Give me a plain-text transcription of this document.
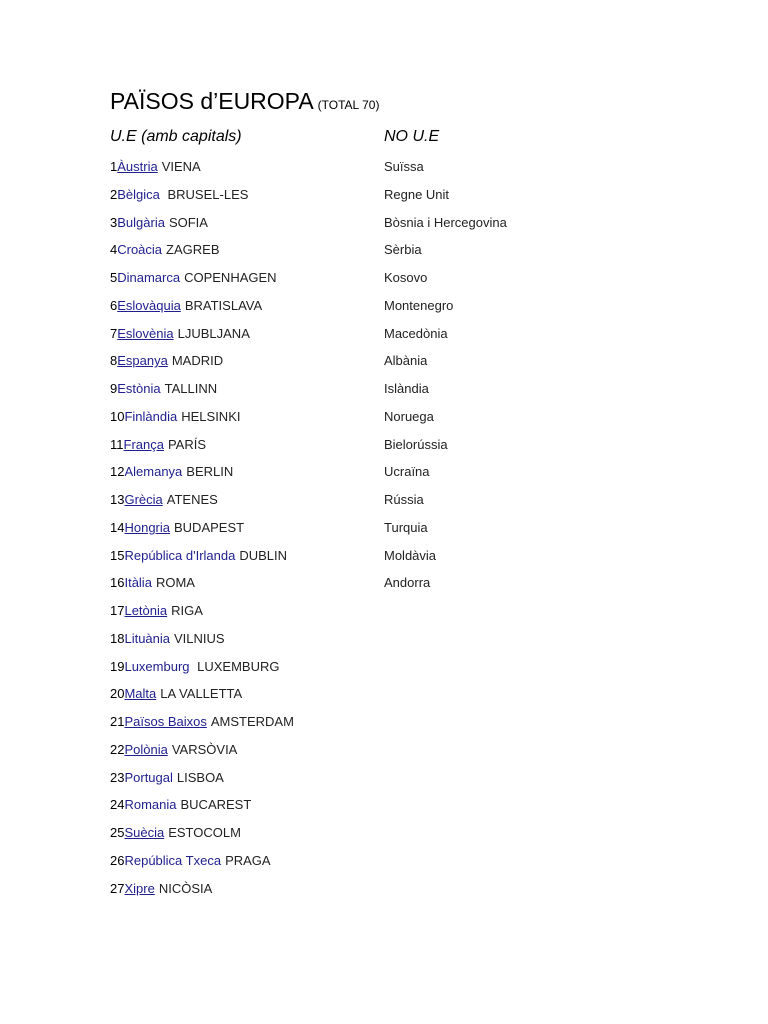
PAÏSOS d’EUROPA (TOTAL 70)
U.E (amb capitals)	NO U.E
1Àustria VIENA
2Bèlgica BRUSEL-LES
3Bulgària SOFIA
4Croàcia ZAGREB
5Dinamarca COPENHAGEN
6Eslovàquia BRATISLAVA
7Eslovènia LJUBLJANA
8Espanya MADRID
9Estònia TALLINN
10Finlàndia HELSINKI
11França PARÍS
12Alemanya BERLIN
13Grècia ATENES
14Hongria BUDAPEST
15República d'Irlanda DUBLIN
16Itàlia ROMA
17Letònia RIGA
18Lituània VILNIUS
19Luxemburg LUXEMBURG
20Malta LA VALLETTA
21Països Baixos AMSTERDAM
22Polònia VARSÒVIA
23Portugal LISBOA
24Romania BUCAREST
25Suècia ESTOCOLM
26República Txeca PRAGA
27Xipre NICÒSIA
Suïssa
Regne Unit
Bòsnia i Hercegovina
Sèrbia
Kosovo
Montenegro
Macedònia
Albània
Islàndia
Noruega
Bielorússia
Ucraïna
Rússia
Turquia
Moldàvia
Andorra
